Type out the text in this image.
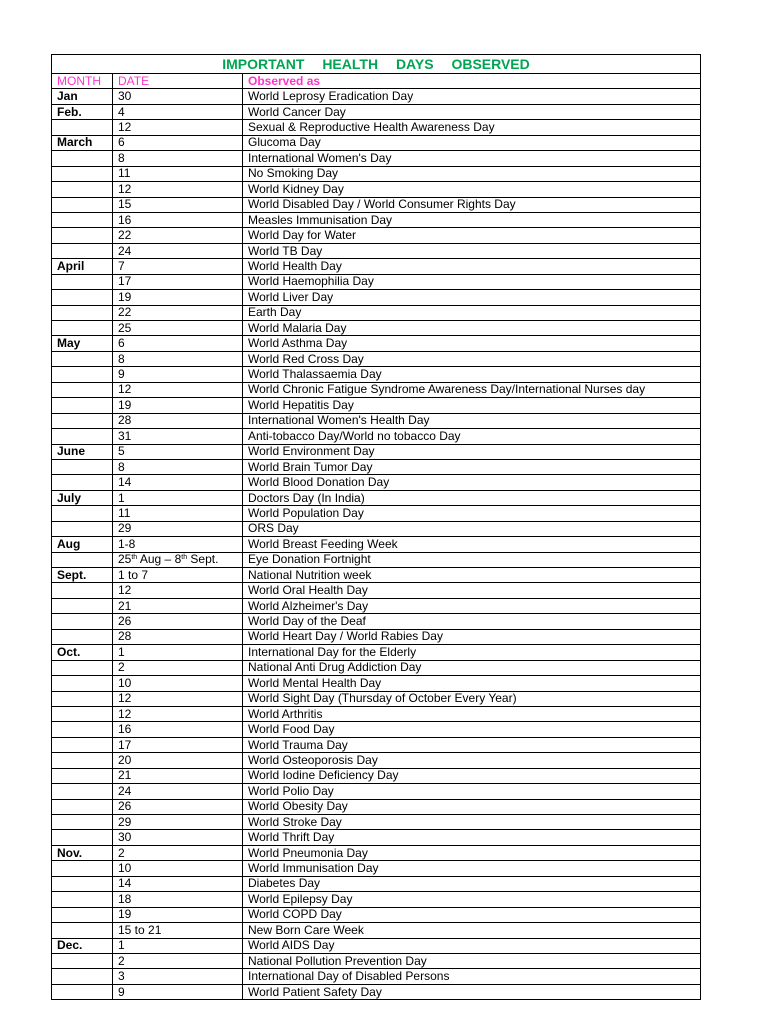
IMPORTANT HEALTH DAYS OBSERVED		
MONTH	DATE	Observed as
Jan	30	World Leprosy Eradication Day
Feb.	4	World Cancer Day
	12	Sexual & Reproductive Health Awareness Day
March	6	Glucoma Day
	8	International Women's Day
	11	No Smoking Day
	12	World Kidney Day
	15	World Disabled Day / World Consumer Rights Day
	16	Measles Immunisation Day
	22	World Day for Water
	24	World TB Day
April	7	World Health Day
	17	World Haemophilia Day
	19	World Liver Day
	22	Earth Day
	25	World Malaria Day
May	6	World Asthma Day
	8	World Red Cross Day
	9	World Thalassaemia Day
	12	World Chronic Fatigue Syndrome Awareness Day/International Nurses day
	19	World Hepatitis Day
	28	International Women's Health Day
	31	Anti-tobacco Day/World no tobacco Day
June	5	World Environment Day
	8	World Brain Tumor Day
	14	World Blood Donation Day
July	1	Doctors Day (In India)
	11	World Population Day
	29	ORS Day
Aug	1-8	World Breast Feeding Week
	25th Aug – 8th Sept.	Eye Donation Fortnight
Sept.	1 to 7	National Nutrition week
	12	World Oral Health Day
	21	World Alzheimer's Day
	26	World Day of the Deaf
	28	World Heart Day / World Rabies Day
Oct.	1	International Day for the Elderly
	2	National Anti Drug Addiction Day
	10	World Mental Health Day
	12	World Sight Day (Thursday of October Every Year)
	12	World Arthritis
	16	World Food Day
	17	World Trauma Day
	20	World Osteoporosis Day
	21	World Iodine Deficiency Day
	24	World Polio Day
	26	World Obesity Day
	29	World Stroke Day
	30	World Thrift Day
Nov.	2	World Pneumonia Day
	10	World Immunisation Day
	14	Diabetes Day
	18	World Epilepsy Day
	19	World COPD Day
	15 to 21	New Born Care Week
Dec.	1	World AIDS Day
	2	National Pollution Prevention Day
	3	International Day of Disabled Persons
	9	World Patient Safety Day
